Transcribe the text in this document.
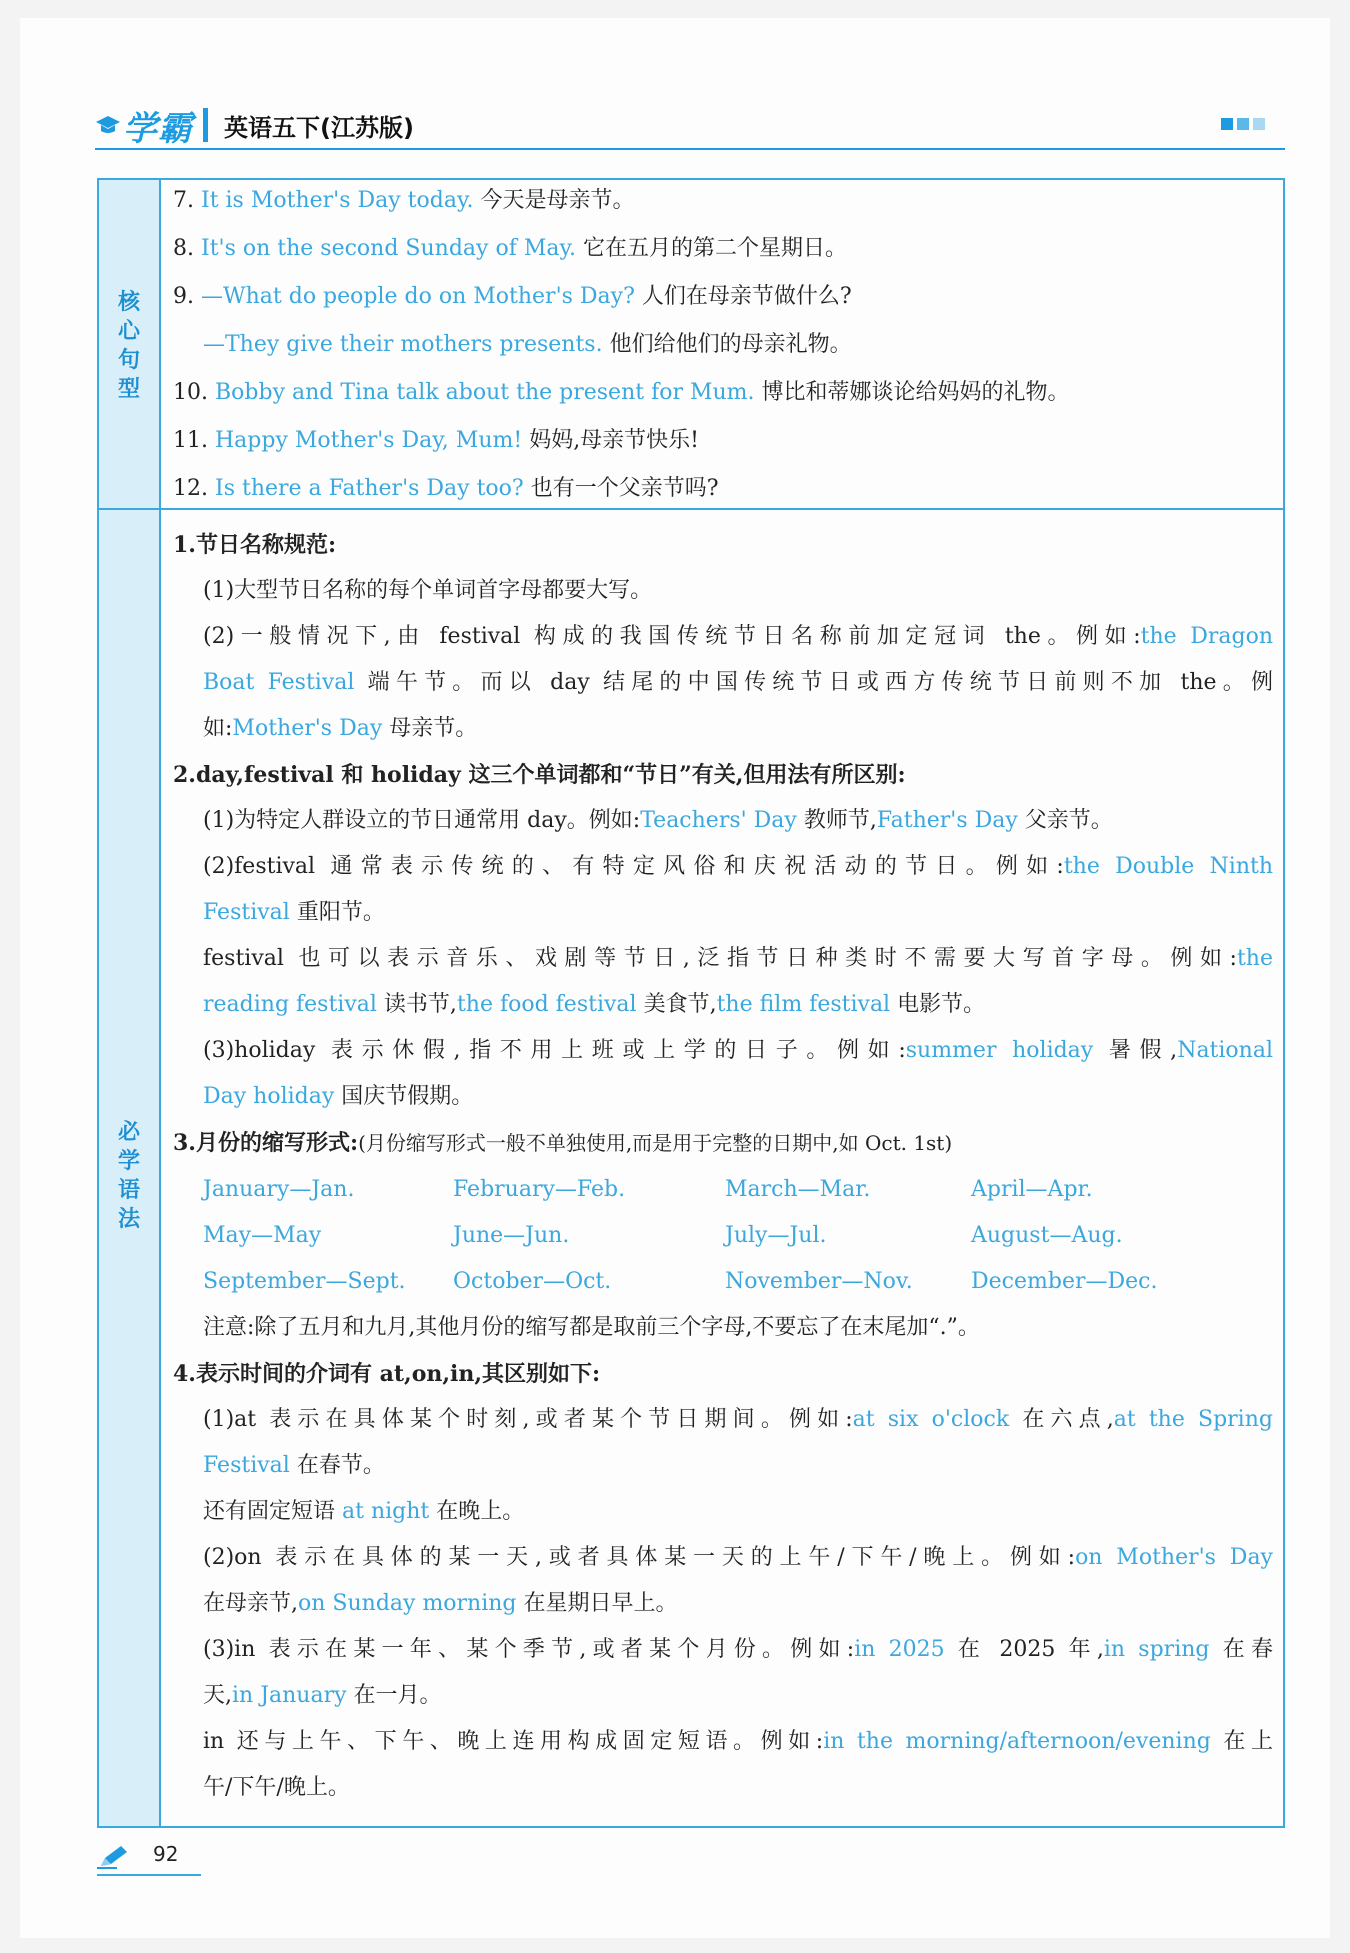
学霸 英语五下(江苏版)
核
心
句
型
必
学
语
法
7. It is Mother's Day today. 今天是母亲节。
8. It's on the second Sunday of May. 它在五月的第二个星期日。
9. —What do people do on Mother's Day? 人们在母亲节做什么?
—They give their mothers presents. 他们给他们的母亲礼物。
10. Bobby and Tina talk about the present for Mum. 博比和蒂娜谈论给妈妈的礼物。
11. Happy Mother's Day, Mum! 妈妈,母亲节快乐!
12. Is there a Father's Day too? 也有一个父亲节吗?
1.节日名称规范:
(1)大型节日名称的每个单词首字母都要大写。
(2)一般情况下,由 festival 构成的我国传统节日名称前加定冠词 the。例如:the Dragon
Boat Festival 端午节。而以 day 结尾的中国传统节日或西方传统节日前则不加 the。例
如:Mother's Day 母亲节。
2.day,festival 和 holiday 这三个单词都和“节日”有关,但用法有所区别:
(1)为特定人群设立的节日通常用 day。例如:Teachers' Day 教师节,Father's Day 父亲节。
(2)festival 通常表示传统的、有特定风俗和庆祝活动的节日。例如:the Double Ninth
Festival 重阳节。
festival 也可以表示音乐、戏剧等节日,泛指节日种类时不需要大写首字母。例如:the
reading festival 读书节,the food festival 美食节,the film festival 电影节。
(3)holiday 表示休假,指不用上班或上学的日子。例如:summer holiday 暑假,National
Day holiday 国庆节假期。
3.月份的缩写形式:(月份缩写形式一般不单独使用,而是用于完整的日期中,如 Oct. 1st)
January—Jan.	February—Feb.	March—Mar.	April—Apr.
May—May	June—Jun.	July—Jul.	August—Aug.
September—Sept.	October—Oct.	November—Nov.	December—Dec.
注意:除了五月和九月,其他月份的缩写都是取前三个字母,不要忘了在末尾加“.”。
4.表示时间的介词有 at,on,in,其区别如下:
(1)at 表示在具体某个时刻,或者某个节日期间。例如:at six o'clock 在六点,at the Spring
Festival 在春节。
还有固定短语 at night 在晚上。
(2)on 表示在具体的某一天,或者具体某一天的上午/下午/晚上。例如:on Mother's Day
在母亲节,on Sunday morning 在星期日早上。
(3)in 表示在某一年、某个季节,或者某个月份。例如:in 2025 在 2025 年,in spring 在春
天,in January 在一月。
in 还与上午、下午、晚上连用构成固定短语。例如:in the morning/afternoon/evening 在上
午/下午/晚上。
92
